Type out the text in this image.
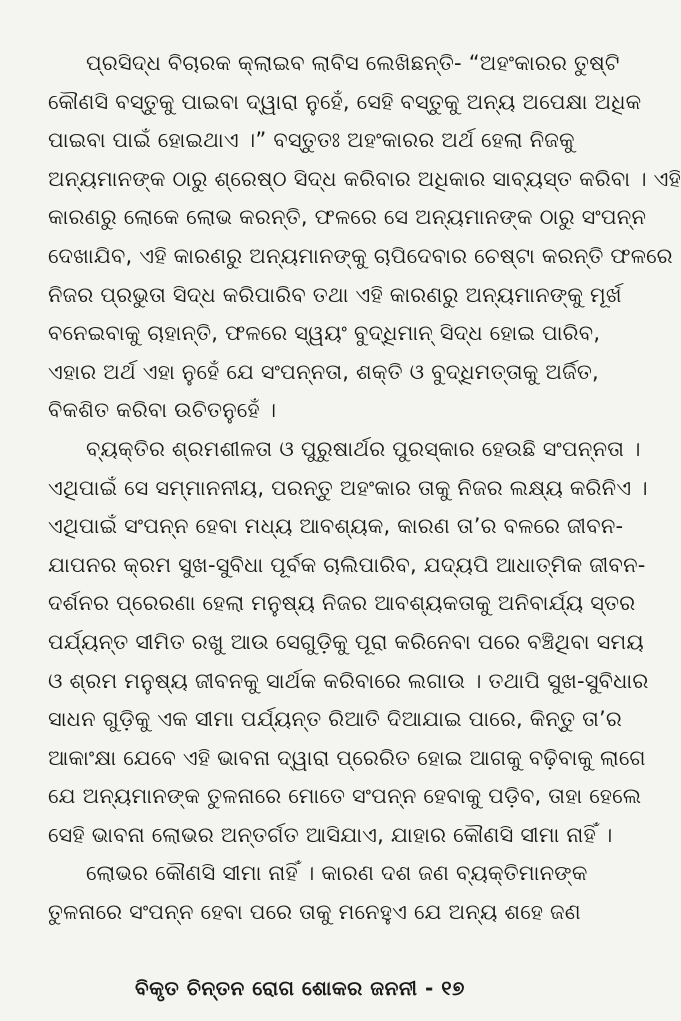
ପ୍ରସିଦ୍ଧ ବିଚାରକ କ୍ଲାଇବ ଲାବିସ ଲେଖିଛନ୍ତି- “ଅହଂକାରର ତୁଷ୍ଟି
କୌଣସି ବସ୍ତୁକୁ ପାଇବା ଦ୍ୱାରା ନୁହେଁ, ସେହି ବସ୍ତୁକୁ ଅନ୍ୟ ଅପେକ୍ଷା ଅଧିକ
ପାଇବା ପାଇଁ ହୋଇଥାଏ ।” ବସ୍ତୁତଃ ଅହଂକାରର ଅର୍ଥ ହେଲା ନିଜକୁ
ଅନ୍ୟମାନଙ୍କ ଠାରୁ ଶ୍ରେଷ୍ଠ ସିଦ୍ଧ କରିବାର ଅଧିକାର ସାବ୍ୟସ୍ତ କରିବା । ଏହି
କାରଣରୁ ଲୋକେ ଲୋଭ କରନ୍ତି, ଫଳରେ ସେ ଅନ୍ୟମାନଙ୍କ ଠାରୁ ସଂପନ୍ନ
ଦେଖାଯିବ, ଏହି କାରଣରୁ ଅନ୍ୟମାନଙ୍କୁ ଚାପିଦେବାର ଚେଷ୍ଟା କରନ୍ତି ଫଳରେ
ନିଜର ପ୍ରଭୁତା ସିଦ୍ଧ କରିପାରିବ ତଥା ଏହି କାରଣରୁ ଅନ୍ୟମାନଙ୍କୁ ମୂର୍ଖ
ବନେଇବାକୁ ଚାହାନ୍ତି, ଫଳରେ ସ୍ୱୟଂ ବୁଦ୍ଧିମାନ୍ ସିଦ୍ଧ ହୋଇ ପାରିବ,
ଏହାର ଅର୍ଥ ଏହା ନୁହେଁ ଯେ ସଂପନ୍ନତା, ଶକ୍ତି ଓ ବୁଦ୍ଧିମତ୍ତାକୁ ଅର୍ଜିତ,
ବିକଶିତ କରିବା ଉଚିତନୁହେଁ ।
ବ୍ୟକ୍ତିର ଶ୍ରମଶୀଳତା ଓ ପୁରୁଷାର୍ଥର ପୁରସ୍କାର ହେଉଛି ସଂପନ୍ନତା ।
ଏଥିପାଇଁ ସେ ସମ୍ମାନନୀୟ, ପରନ୍ତୁ ଅହଂକାର ତାକୁ ନିଜର ଲକ୍ଷ୍ୟ କରିନିଏ ।
ଏଥିପାଇଁ ସଂପନ୍ନ ହେବା ମଧ୍ୟ ଆବଶ୍ୟକ, କାରଣ ତା’ର ବଳରେ ଜୀବନ-
ଯାପନର କ୍ରମ ସୁଖ-ସୁବିଧା ପୂର୍ବକ ଚାଲିପାରିବ, ଯଦ୍ୟପି ଆଧାତ୍ମିକ ଜୀବନ-
ଦର୍ଶନର ପ୍ରେରଣା ହେଲା ମନୁଷ୍ୟ ନିଜର ଆବଶ୍ୟକତାକୁ ଅନିବାର୍ଯ୍ୟ ସ୍ତର
ପର୍ଯ୍ୟନ୍ତ ସୀମିତ ରଖୁ ଆଉ ସେଗୁଡ଼ିକୁ ପୂରା କରିନେବା ପରେ ବଞ୍ଚିଥିବା ସମୟ
ଓ ଶ୍ରମ ମନୁଷ୍ୟ ଜୀବନକୁ ସାର୍ଥକ କରିବାରେ ଲଗାଉ । ତଥାପି ସୁଖ-ସୁବିଧାର
ସାଧନ ଗୁଡ଼ିକୁ ଏକ ସୀମା ପର୍ଯ୍ୟନ୍ତ ରିଆତି ଦିଆଯାଇ ପାରେ, କିନ୍ତୁ ତା’ର
ଆକାଂକ୍ଷା ଯେବେ ଏହି ଭାବନା ଦ୍ୱାରା ପ୍ରେରିତ ହୋଇ ଆଗକୁ ବଢ଼ିବାକୁ ଲାଗେ
ଯେ ଅନ୍ୟମାନଙ୍କ ତୁଳନାରେ ମୋତେ ସଂପନ୍ନ ହେବାକୁ ପଡ଼ିବ, ତାହା ହେଲେ
ସେହି ଭାବନା ଲୋଭର ଅନ୍ତର୍ଗତ ଆସିଯାଏ, ଯାହାର କୌଣସି ସୀମା ନାହିଁ ।
ଲୋଭର କୌଣସି ସୀମା ନାହିଁ । କାରଣ ଦଶ ଜଣ ବ୍ୟକ୍ତିମାନଙ୍କ
ତୁଳନାରେ ସଂପନ୍ନ ହେବା ପରେ ତାକୁ ମନେହୁଏ ଯେ ଅନ୍ୟ ଶହେ ଜଣ
ବିକୃତ ଚିନ୍ତନ ରୋଗ ଶୋକର ଜନନୀ - ୧୭
